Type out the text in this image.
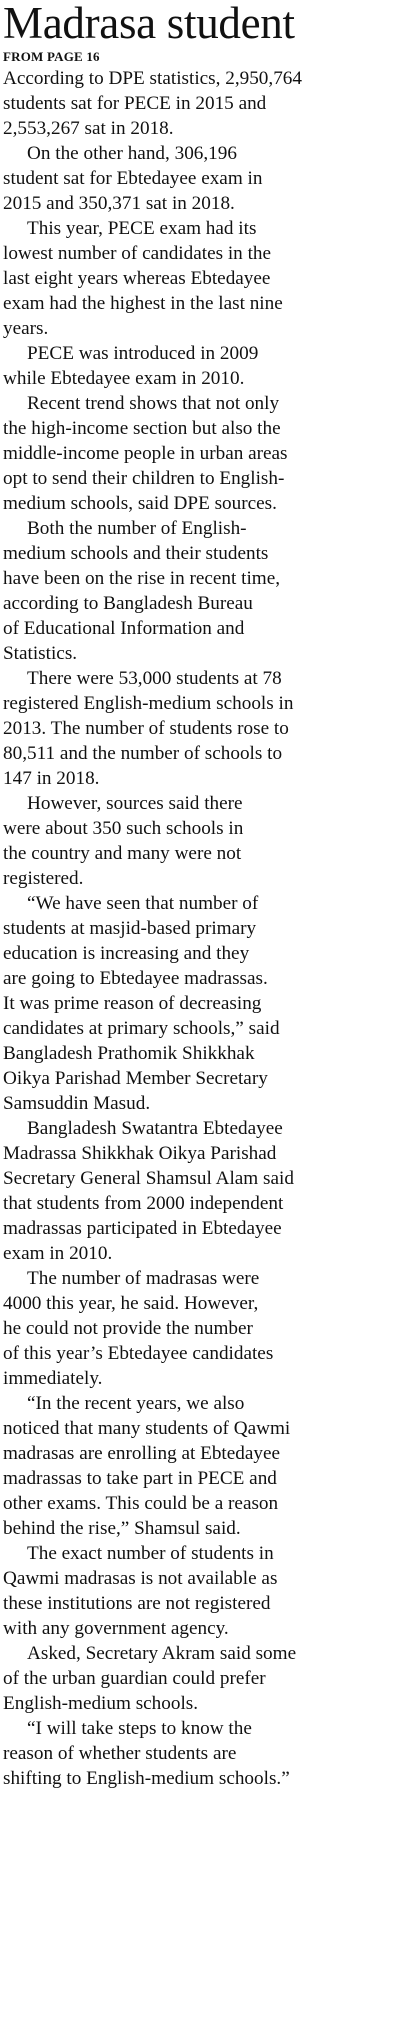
Madrasa student
FROM PAGE 16

According to DPE statistics, 2,950,764
students sat for PECE in 2015 and
2,553,267 sat in 2018.

On the other hand, 306,196
student sat for Ebtedayee exam in
2015 and 350,371 sat in 2018.

This year, PECE exam had its
lowest number of candidates in the
last eight years whereas Ebtedayee
exam had the highest in the last nine
years.

PECE was introduced in 2009
while Ebtedayee exam in 2010.

Recent trend shows that not only
the high-income section but also the
middle-income people in urban areas
opt to send their children to English-
medium schools, said DPE sources.

Both the number of English-
medium schools and their students
have been on the rise in recent time,
according to Bangladesh Bureau
of Educational Information and
Statistics.

There were 53,000 students at 78
registered English-medium schools in
2013. The number of students rose to
80,511 and the number of schools to
147 in 2018.

However, sources said there
were about 350 such schools in
the country and many were not
registered.

“We have seen that number of
students at masjid-based primary
education is increasing and they
are going to Ebtedayee madrassas.
It was prime reason of decreasing
candidates at primary schools,” said
Bangladesh Prathomik Shikkhak
Oikya Parishad Member Secretary
Samsuddin Masud.

Bangladesh Swatantra Ebtedayee
Madrassa Shikkhak Oikya Parishad
Secretary General Shamsul Alam said
that students from 2000 independent
madrassas participated in Ebtedayee
exam in 2010.

The number of madrasas were
4000 this year, he said. However,
he could not provide the number
of this year’s Ebtedayee candidates
immediately.

“In the recent years, we also
noticed that many students of Qawmi
madrasas are enrolling at Ebtedayee
madrassas to take part in PECE and
other exams. This could be a reason
behind the rise,” Shamsul said.

The exact number of students in
Qawmi madrasas is not available as
these institutions are not registered
with any government agency.

Asked, Secretary Akram said some
of the urban guardian could prefer
English-medium schools.

“I will take steps to know the
reason of whether students are
shifting to English-medium schools.”
